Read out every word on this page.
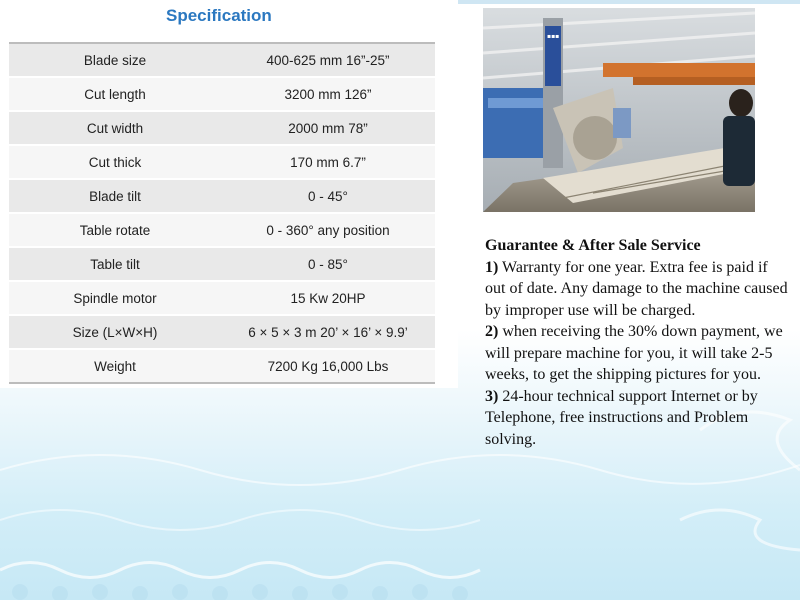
Specification
Blade size	400-625 mm 16”-25”
Cut length	3200 mm 126”
Cut width	2000 mm 78”
Cut thick	170 mm 6.7”
Blade tilt	0 - 45°
Table rotate	0 - 360° any position
Table tilt	0 - 85°
Spindle motor	15 Kw 20HP
Size (L×W×H)	6 × 5 × 3 m 20’ × 16’ × 9.9’
Weight	7200 Kg 16,000 Lbs
▪▪▪
Guarantee & After Sale Service
1) Warranty for one year. Extra fee is paid if out of date. Any damage to the machine caused by improper use will be charged.
2) when receiving the 30% down payment, we will prepare machine for you, it will take 2-5 weeks, to get the shipping pictures for you.
3) 24-hour technical support Internet or by Telephone, free instructions and Problem solving.
